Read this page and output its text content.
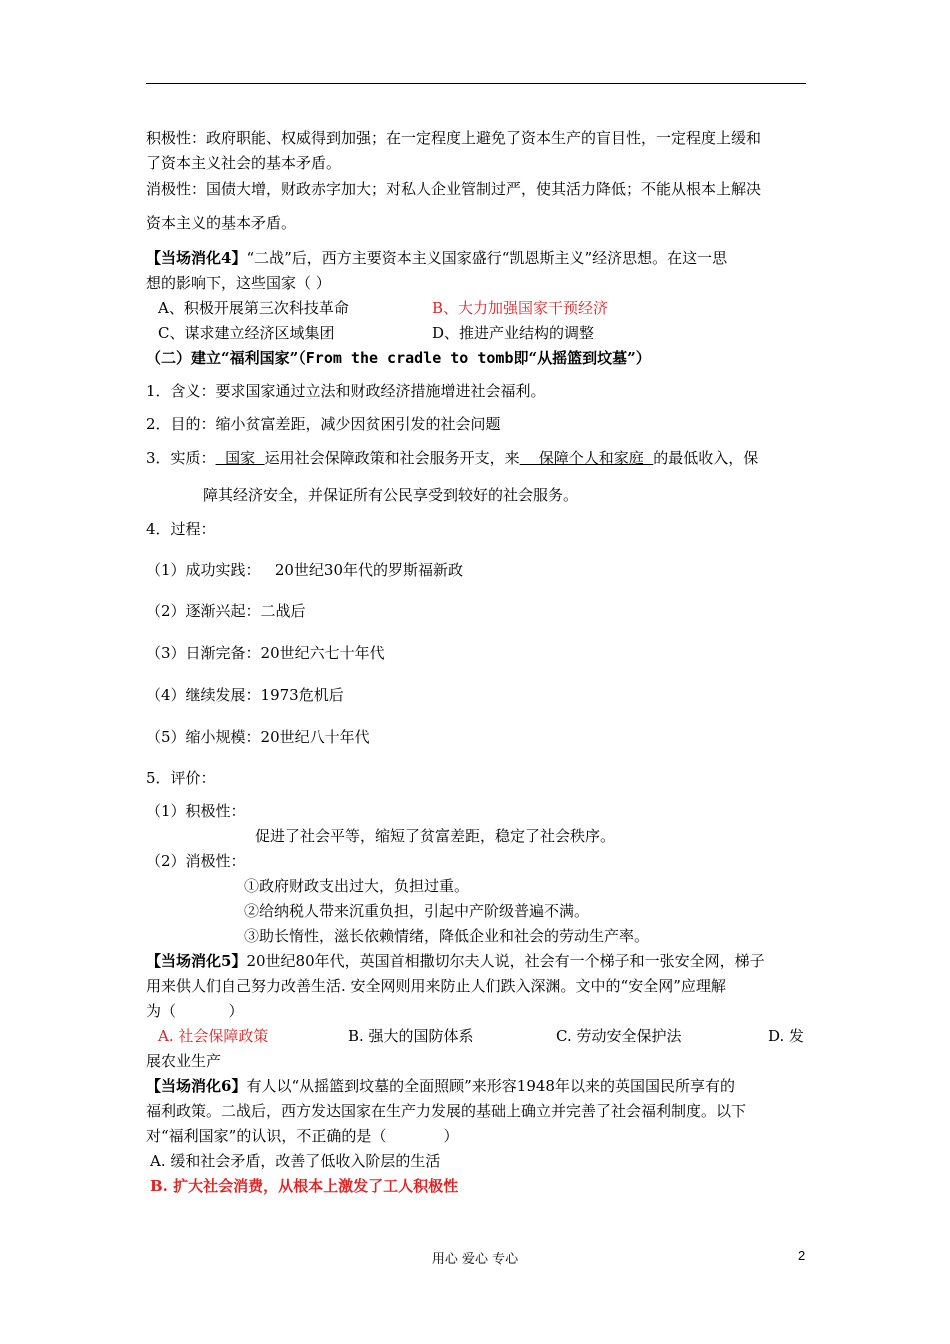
积极性：政府职能、权威得到加强；在一定程度上避免了资本生产的盲目性，一定程度上缓和
了资本主义社会的基本矛盾。
消极性：国债大增，财政赤字加大；对私人企业管制过严，使其活力降低；不能从根本上解决
资本主义的基本矛盾。
【当场消化4】“二战”后，西方主要资本主义国家盛行“凯恩斯主义”经济思想。在这一思
想的影响下，这些国家（ ）
A、积极开展第三次科技革命	B、大力加强国家干预经济
C、谋求建立经济区域集团	D、推进产业结构的调整
（二）建立“福利国家”（From the cradle to tomb即“从摇篮到坟墓”）
1．含义：要求国家通过立法和财政经济措施增进社会福利。
2．目的：缩小贫富差距，减少因贫困引发的社会问题
3．实质：  国家  运用社会保障政策和社会服务开支，来    保障个人和家庭  的最低收入，保
障其经济安全，并保证所有公民享受到较好的社会服务。
4．过程：
（1）成功实践：   20世纪30年代的罗斯福新政
（2）逐渐兴起：二战后
（3）日渐完备：20世纪六七十年代
（4）继续发展：1973危机后
（5）缩小规模：20世纪八十年代
5．评价：
（1）积极性：
促进了社会平等，缩短了贫富差距，稳定了社会秩序。
（2）消极性：
①政府财政支出过大，负担过重。
②给纳税人带来沉重负担，引起中产阶级普遍不满。
③助长惰性，滋长依赖情绪，降低企业和社会的劳动生产率。
【当场消化5】20世纪80年代，英国首相撒切尔夫人说，社会有一个梯子和一张安全网，梯子
用来供人们自己努力改善生活. 安全网则用来防止人们跌入深渊。文中的“安全网”应理解
为（           ）
A. 社会保障政策	B. 强大的国防体系	C. 劳动安全保护法	D. 发
展农业生产
【当场消化6】有人以“从摇篮到坟墓的全面照顾”来形容1948年以来的英国国民所享有的
福利政策。二战后，西方发达国家在生产力发展的基础上确立并完善了社会福利制度。以下
对“福利国家”的认识，不正确的是（            ）
A. 缓和社会矛盾，改善了低收入阶层的生活
B. 扩大社会消费，从根本上激发了工人积极性
用心 爱心 专心	2
